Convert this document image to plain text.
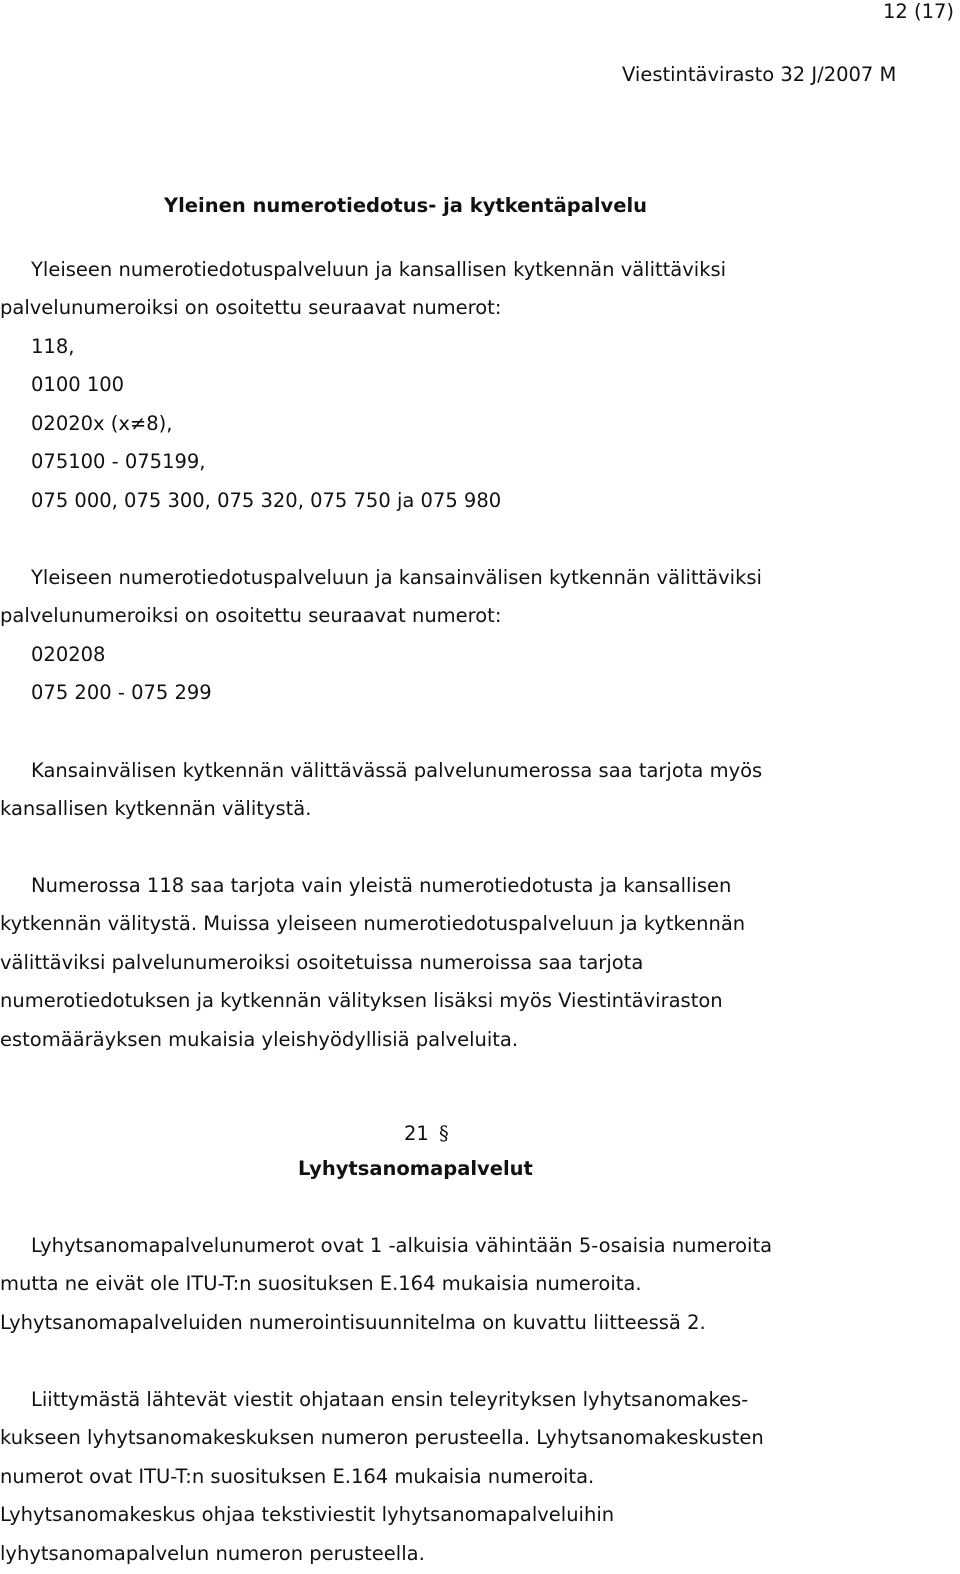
12 (17)
Viestintävirasto 32 J/2007 M
Yleinen numerotiedotus- ja kytkentäpalvelu

Yleiseen numerotiedotuspalveluun ja kansallisen kytkennän välittäviksi

palvelunumeroiksi on osoitettu seuraavat numerot:

118,

0100 100

02020x (x≠8),

075100 - 075199,

075 000, 075 300, 075 320, 075 750 ja 075 980

Yleiseen numerotiedotuspalveluun ja kansainvälisen kytkennän välittäviksi

palvelunumeroiksi on osoitettu seuraavat numerot:

020208

075 200 - 075 299

Kansainvälisen kytkennän välittävässä palvelunumerossa saa tarjota myös

kansallisen kytkennän välitystä.

Numerossa 118 saa tarjota vain yleistä numerotiedotusta ja kansallisen

kytkennän välitystä. Muissa yleiseen numerotiedotuspalveluun ja kytkennän

välittäviksi palvelunumeroiksi osoitetuissa numeroissa saa tarjota

numerotiedotuksen ja kytkennän välityksen lisäksi myös Viestintäviraston

estomääräyksen mukaisia yleishyödyllisiä palveluita.

21 §
Lyhytsanomapalvelut

Lyhytsanomapalvelunumerot ovat 1 -alkuisia vähintään 5-osaisia numeroita

mutta ne eivät ole ITU-T:n suosituksen E.164 mukaisia numeroita.

Lyhytsanomapalveluiden numerointisuunnitelma on kuvattu liitteessä 2.

Liittymästä lähtevät viestit ohjataan ensin teleyrityksen lyhytsanomakes-

kukseen lyhytsanomakeskuksen numeron perusteella. Lyhytsanomakeskusten

numerot ovat ITU-T:n suosituksen E.164 mukaisia numeroita.

Lyhytsanomakeskus ohjaa tekstiviestit lyhytsanomapalveluihin

lyhytsanomapalvelun numeron perusteella.
